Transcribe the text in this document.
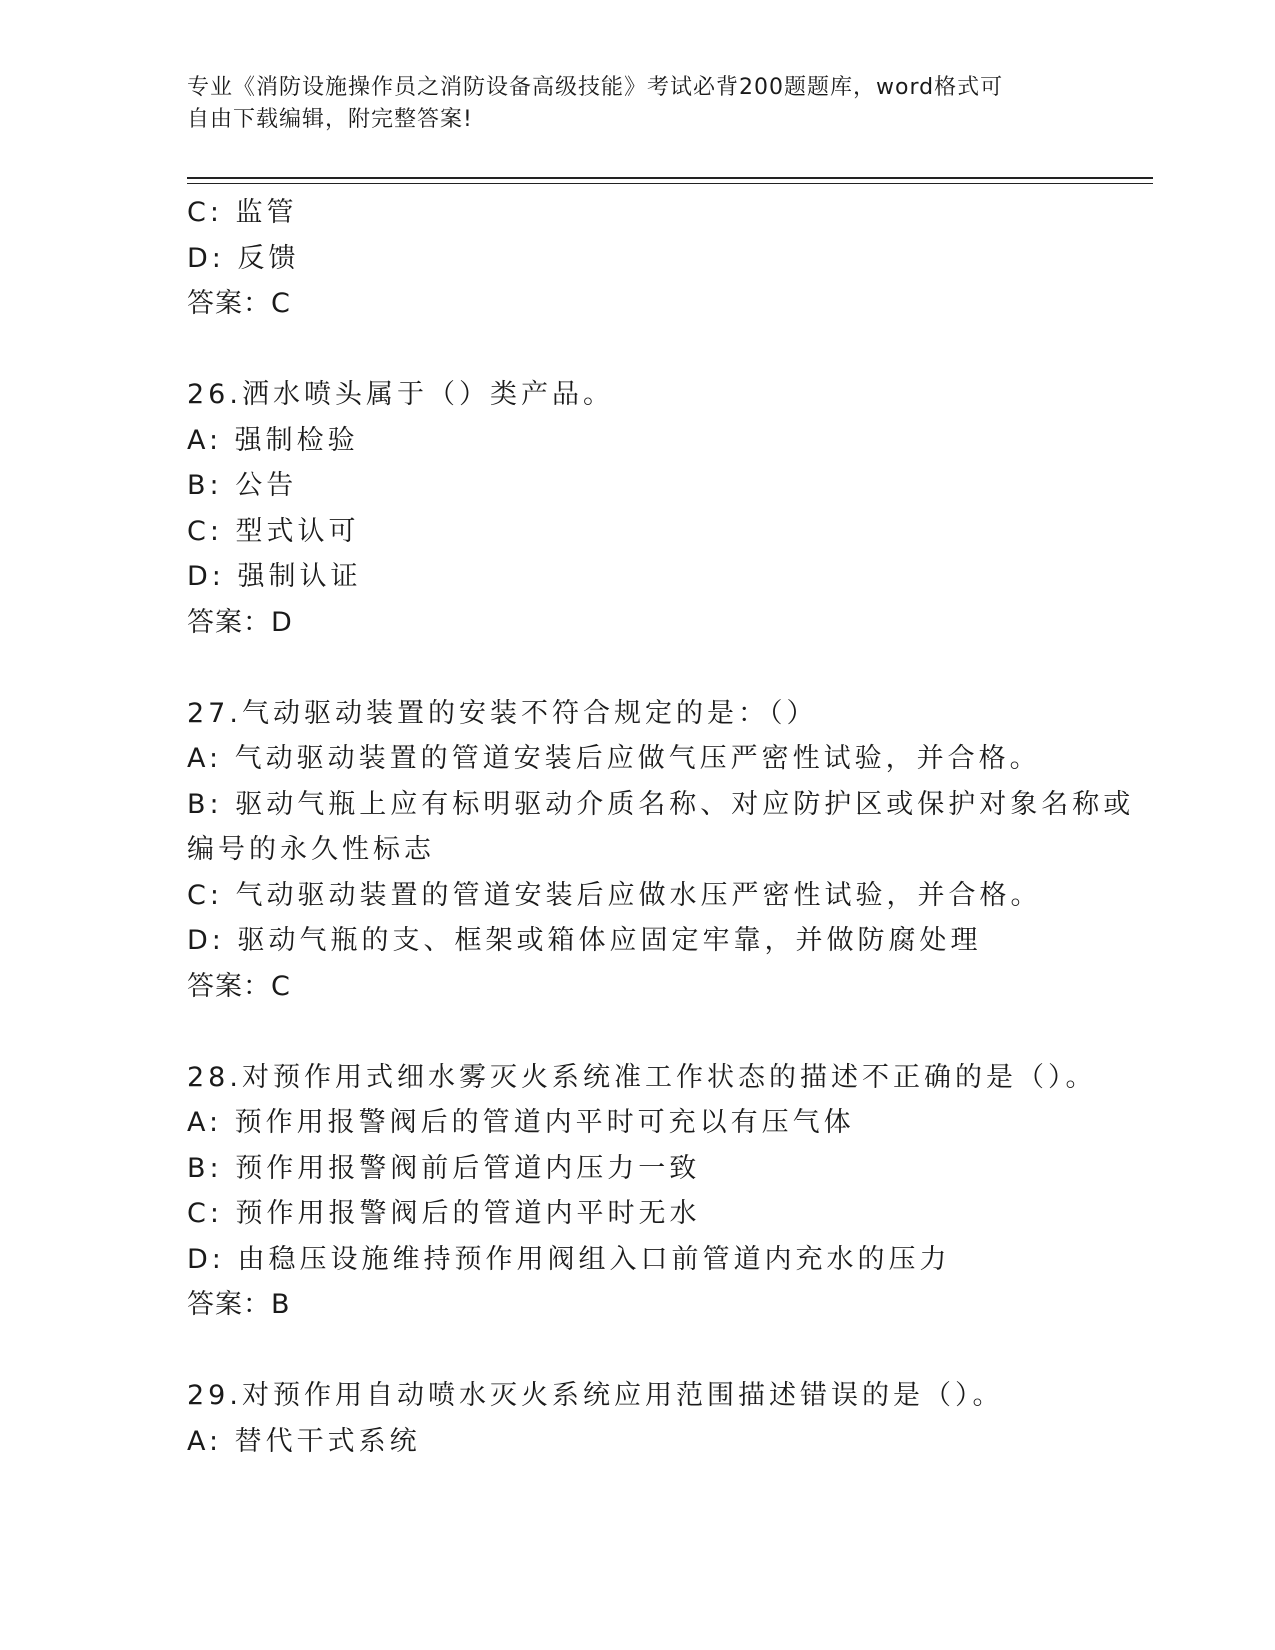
专业《消防设施操作员之消防设备高级技能》考试必背200题题库，word格式可
自由下载编辑，附完整答案!
C: 监管
D: 反馈
答案：C
26.洒水喷头属于（）类产品。
A: 强制检验
B: 公告
C: 型式认可
D: 强制认证
答案：D
27.气动驱动装置的安装不符合规定的是：（）
A: 气动驱动装置的管道安装后应做气压严密性试验，并合格。
B: 驱动气瓶上应有标明驱动介质名称、对应防护区或保护对象名称或
编号的永久性标志
C: 气动驱动装置的管道安装后应做水压严密性试验，并合格。
D: 驱动气瓶的支、框架或箱体应固定牢靠，并做防腐处理
答案：C
28.对预作用式细水雾灭火系统准工作状态的描述不正确的是（）。
A: 预作用报警阀后的管道内平时可充以有压气体
B: 预作用报警阀前后管道内压力一致
C: 预作用报警阀后的管道内平时无水
D: 由稳压设施维持预作用阀组入口前管道内充水的压力
答案：B
29.对预作用自动喷水灭火系统应用范围描述错误的是（）。
A: 替代干式系统
